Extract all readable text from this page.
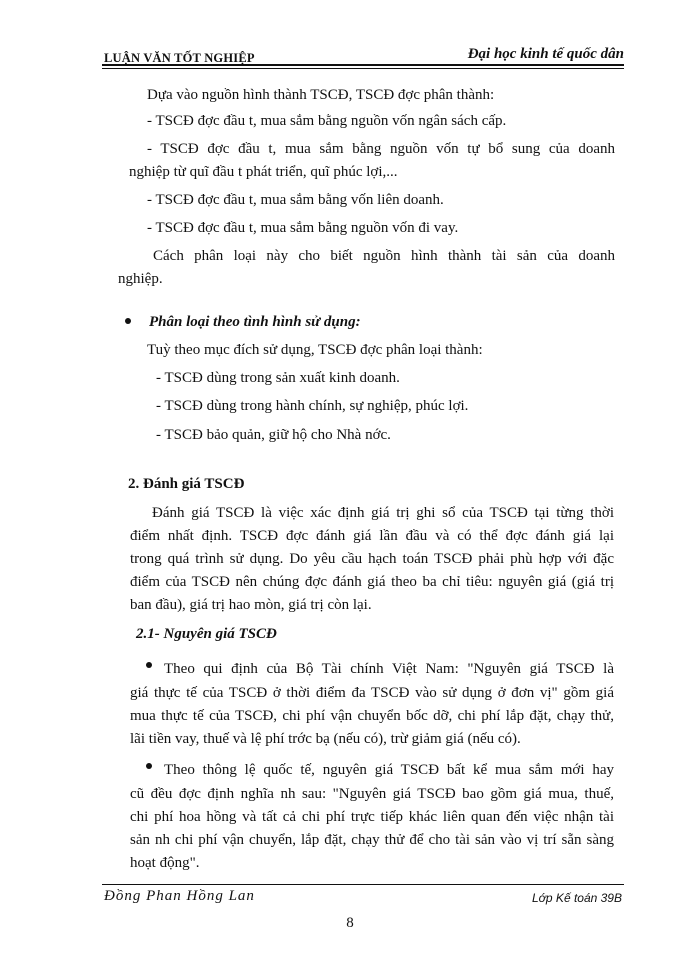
LUẬN VĂN TỐT NGHIỆP	Đại học kinh tế quốc dân
Dựa vào nguồn hình thành TSCĐ, TSCĐ đợc phân thành:
- TSCĐ đợc đầu t, mua sắm bằng nguồn vốn ngân sách cấp.
- TSCĐ đợc đầu t, mua sắm bằng nguồn vốn tự bổ sung của doanh
nghiệp từ quĩ đầu t phát triển, quĩ phúc lợi,...
- TSCĐ đợc đầu t, mua sắm bằng vốn liên doanh.
- TSCĐ đợc đầu t, mua sắm bằng nguồn vốn đi vay.
Cách phân loại này cho biết nguồn hình thành tài sản của doanh
nghiệp.
Phân loại theo tình hình sử dụng:
Tuỳ theo mục đích sử dụng, TSCĐ đợc phân loại thành:
- TSCĐ dùng trong sản xuất kinh doanh.
- TSCĐ dùng trong hành chính, sự nghiệp, phúc lợi.
- TSCĐ bảo quản, giữ hộ cho Nhà nớc.
2. Đánh giá TSCĐ
Đánh giá TSCĐ là việc xác định giá trị ghi sổ của TSCĐ tại từng thời
điểm nhất định. TSCĐ đợc đánh giá lần đầu và có thể đợc đánh giá lại
trong quá trình sử dụng. Do yêu cầu hạch toán TSCĐ phải phù hợp với đặc
điểm của TSCĐ nên chúng đợc đánh giá theo ba chỉ tiêu: nguyên giá (giá trị
ban đầu), giá trị hao mòn, giá trị còn lại.
2.1- Nguyên giá TSCĐ
Theo qui định của Bộ Tài chính Việt Nam: "Nguyên giá TSCĐ là
giá thực tế của TSCĐ ở thời điểm đa TSCĐ vào sử dụng ở đơn vị" gồm giá
mua thực tế của TSCĐ, chi phí vận chuyển bốc dỡ, chi phí lắp đặt, chạy thử,
lãi tiền vay, thuế và lệ phí trớc bạ (nếu có), trừ giảm giá (nếu có).
Theo thông lệ quốc tế, nguyên giá TSCĐ bất kể mua sắm mới hay
cũ đều đợc định nghĩa nh sau: "Nguyên giá TSCĐ bao gồm giá mua, thuế,
chi phí hoa hồng và tất cả chi phí trực tiếp khác liên quan đến việc nhận tài
sản nh chi phí vận chuyển, lắp đặt, chạy thử để cho tài sản vào vị trí sẵn sàng
hoạt động".
Đồng Phan Hồng Lan	Lớp Kế toán 39B
8
